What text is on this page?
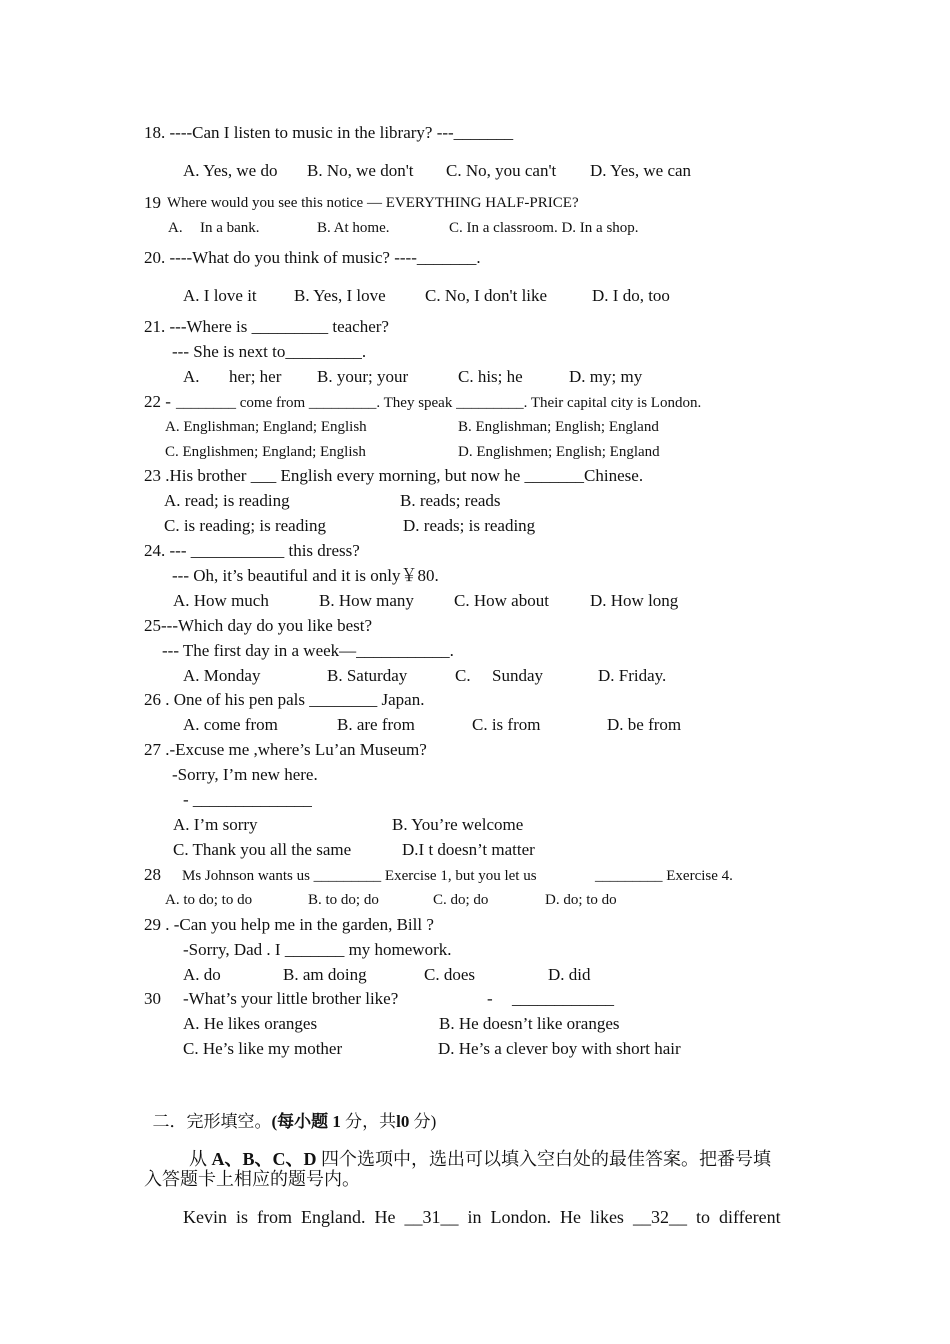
18. ----Can I listen to music in the library? ---_______
A. Yes, we do B. No, we don't C. No, you can't D. Yes, we can
19 Where would you see this notice — EVERYTHING HALF-PRICE?
A. In a bank.	B. At home.	C. In a classroom. D. In a shop.
20. ----What do you think of music? ----_______.
A. I love it B. Yes, I love C. No, I don't like	D. I do, too
21. ---Where is _________ teacher?
--- She is next to_________.
A. her; her B. your; your	C. his; he	D. my; my
22 - ________ come from _________. They speak _________. Their capital city is London.
A. Englishman; England; English	B. Englishman; English; England
C. Englishmen; England; English	D. Englishmen; English; England
23 .His brother ___ English every morning, but now he _______Chinese.
A. read; is reading	B. reads; reads
C. is reading; is reading	D. reads; is reading
24. --- ___________ this dress?
--- Oh, it’s beautiful and it is only￥80.
A. How much	B. How many C. How about D. How long
25---Which day do you like best?
--- The first day in a week—___________.
A. Monday	B. Saturday	C. Sunday	D. Friday.
26 . One of his pen pals ________ Japan.
A. come from	B. are from	C. is from	D. be from
27 .-Excuse me ,where’s Lu’an Museum?
-Sorry, I’m new here.
- ______________
A. I’m sorry	B. You’re welcome
C. Thank you all the same	D.I t doesn’t matter
28 Ms Johnson wants us _________ Exercise 1, but you let us	_________ Exercise 4.
A. to do; to do	B. to do; do	C. do; do	D. do; to do
29 . -Can you help me in the garden, Bill ?
-Sorry, Dad . I _______ my homework.
A. do	B. am doing	C. does	D. did
30 -What’s your little brother like?	- ____________
A. He likes oranges	B. He doesn’t like oranges
C. He’s like my mother	D. He’s a clever boy with short hair

二．完形填空。(每小题 1 分，共l0 分)

从 A、B、C、D 四个选项中，选出可以填入空白处的最佳答案。把番号填

入答题卡上相应的题号内。
Kevin  is  from  England.  He  __31__  in  London.  He  likes  __32__  to  different
